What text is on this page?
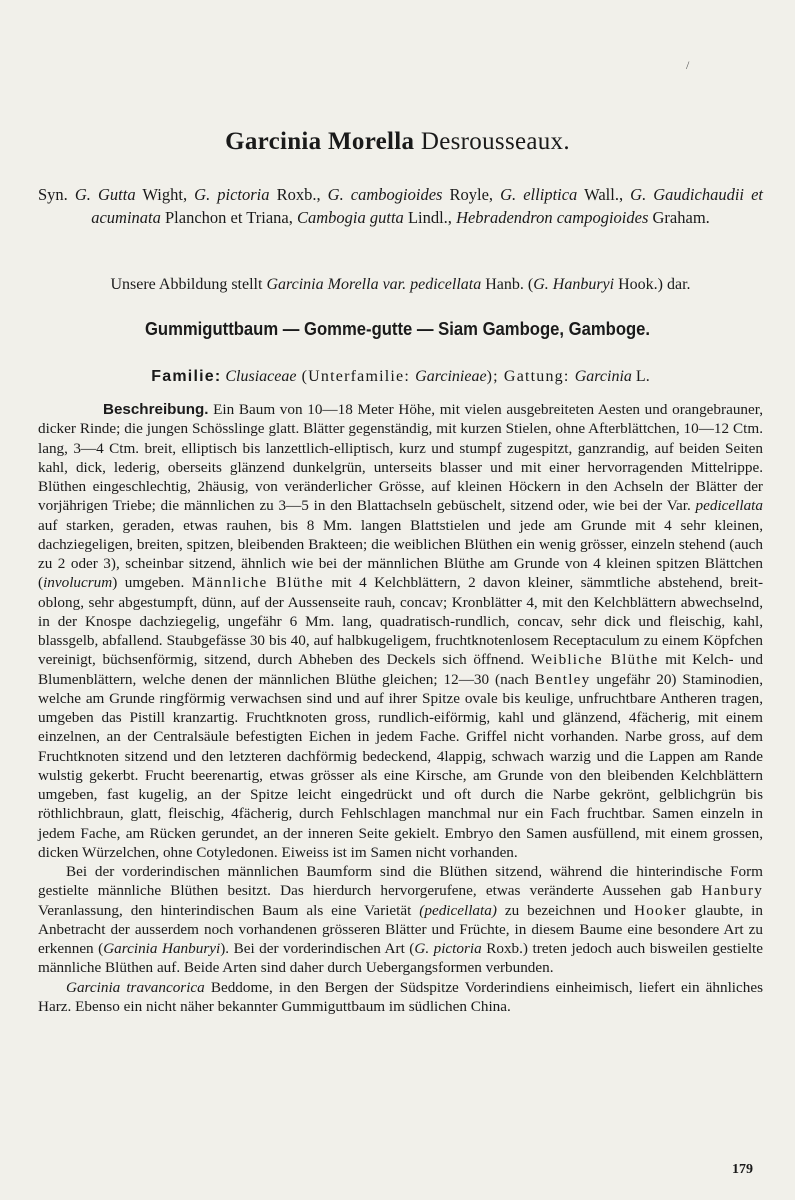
/
Garcinia Morella Desrousseaux.
Syn. G. Gutta Wight, G. pictoria Roxb., G. cambogioides Royle, G. elliptica Wall., G. Gaudichaudii et acuminata Planchon et Triana, Cambogia gutta Lindl., Hebradendron campogioides Graham.
Unsere Abbildung stellt Garcinia Morella var. pedicellata Hanb. (G. Hanburyi Hook.) dar.
Gummiguttbaum — Gomme-gutte — Siam Gamboge, Gamboge.
Familie: Clusiaceae (Unterfamilie: Garcinieae); Gattung: Garcinia L.

Beschreibung. Ein Baum von 10—18 Meter Höhe, mit vielen ausgebreiteten Aesten und orangebrauner, dicker Rinde; die jungen Schösslinge glatt. Blätter gegenständig, mit kurzen Stielen, ohne Afterblättchen, 10—12 Ctm. lang, 3—4 Ctm. breit, elliptisch bis lanzettlich-elliptisch, kurz und stumpf zugespitzt, ganzrandig, auf beiden Seiten kahl, dick, lederig, oberseits glänzend dunkelgrün, unterseits blasser und mit einer hervorragenden Mittelrippe. Blüthen eingeschlechtig, 2häusig, von veränderlicher Grösse, auf kleinen Höckern in den Achseln der Blätter der vorjährigen Triebe; die männlichen zu 3—5 in den Blattachseln gebüschelt, sitzend oder, wie bei der Var. pedicellata auf starken, geraden, etwas rauhen, bis 8 Mm. langen Blattstielen und jede am Grunde mit 4 sehr kleinen, dachziegeligen, breiten, spitzen, bleibenden Brakteen; die weiblichen Blüthen ein wenig grösser, einzeln stehend (auch zu 2 oder 3), scheinbar sitzend, ähnlich wie bei der männlichen Blüthe am Grunde von 4 kleinen spitzen Blättchen (involucrum) umgeben. Männliche Blüthe mit 4 Kelchblättern, 2 davon kleiner, sämmtliche abstehend, breit-oblong, sehr abgestumpft, dünn, auf der Aussenseite rauh, concav; Kronblätter 4, mit den Kelchblättern abwechselnd, in der Knospe dachziegelig, ungefähr 6 Mm. lang, quadratisch-rundlich, concav, sehr dick und fleischig, kahl, blassgelb, abfallend. Staubgefässe 30 bis 40, auf halbkugeligem, fruchtknotenlosem Receptaculum zu einem Köpfchen vereinigt, büchsenförmig, sitzend, durch Abheben des Deckels sich öffnend. Weibliche Blüthe mit Kelch- und Blumenblättern, welche denen der männlichen Blüthe gleichen; 12—30 (nach Bentley ungefähr 20) Staminodien, welche am Grunde ringförmig verwachsen sind und auf ihrer Spitze ovale bis keulige, unfruchtbare Antheren tragen, umgeben das Pistill kranzartig. Fruchtknoten gross, rundlich-eiförmig, kahl und glänzend, 4fächerig, mit einem einzelnen, an der Centralsäule befestigten Eichen in jedem Fache. Griffel nicht vorhanden. Narbe gross, auf dem Fruchtknoten sitzend und den letzteren dachförmig bedeckend, 4lappig, schwach warzig und die Lappen am Rande wulstig gekerbt. Frucht beerenartig, etwas grösser als eine Kirsche, am Grunde von den bleibenden Kelchblättern umgeben, fast kugelig, an der Spitze leicht eingedrückt und oft durch die Narbe gekrönt, gelblichgrün bis röthlichbraun, glatt, fleischig, 4fächerig, durch Fehlschlagen manchmal nur ein Fach fruchtbar. Samen einzeln in jedem Fache, am Rücken gerundet, an der inneren Seite gekielt. Embryo den Samen ausfüllend, mit einem grossen, dicken Würzelchen, ohne Cotyledonen. Eiweiss ist im Samen nicht vorhanden.

Bei der vorderindischen männlichen Baumform sind die Blüthen sitzend, während die hinterindische Form gestielte männliche Blüthen besitzt. Das hierdurch hervorgerufene, etwas veränderte Aussehen gab Hanbury Veranlassung, den hinterindischen Baum als eine Varietät (pedicellata) zu bezeichnen und Hooker glaubte, in Anbetracht der ausserdem noch vorhandenen grösseren Blätter und Früchte, in diesem Baume eine besondere Art zu erkennen (Garcinia Hanburyi). Bei der vorderindischen Art (G. pictoria Roxb.) treten jedoch auch bisweilen gestielte männliche Blüthen auf. Beide Arten sind daher durch Uebergangsformen verbunden.

Garcinia travancorica Beddome, in den Bergen der Südspitze Vorderindiens einheimisch, liefert ein ähnliches Harz. Ebenso ein nicht näher bekannter Gummiguttbaum im südlichen China.

179
